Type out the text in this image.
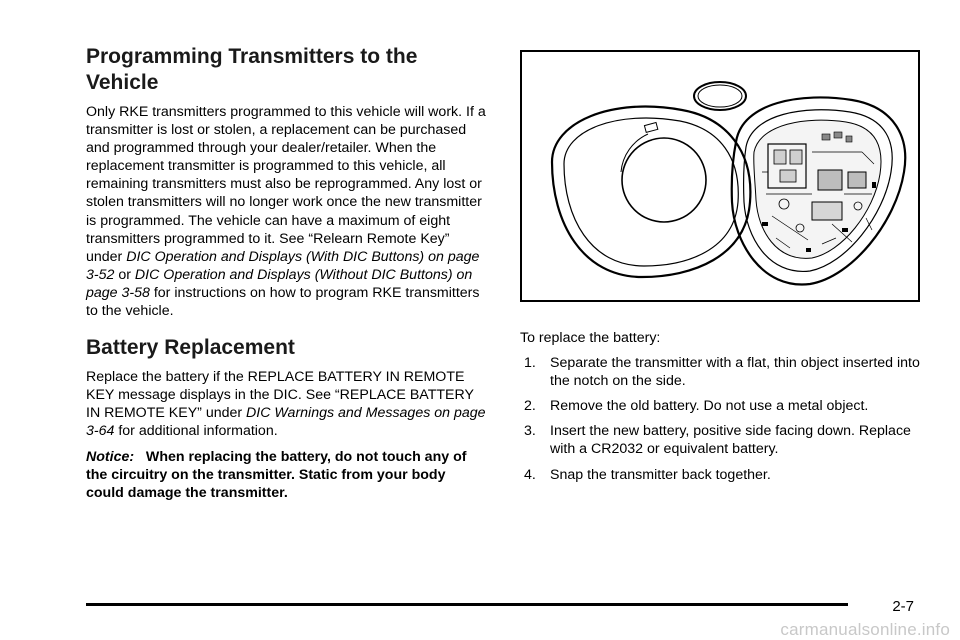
Programming Transmitters to the Vehicle

Only RKE transmitters programmed to this vehicle will work. If a transmitter is lost or stolen, a replacement can be purchased and programmed through your dealer/retailer. When the replacement transmitter is programmed to this vehicle, all remaining transmitters must also be reprogrammed. Any lost or stolen transmitters will no longer work once the new transmitter is programmed. The vehicle can have a maximum of eight transmitters programmed to it. See “Relearn Remote Key” under DIC Operation and Displays (With DIC Buttons) on page 3-52 or DIC Operation and Displays (Without DIC Buttons) on page 3-58 for instructions on how to program RKE transmitters to the vehicle.

Battery Replacement

Replace the battery if the REPLACE BATTERY IN REMOTE KEY message displays in the DIC. See “REPLACE BATTERY IN REMOTE KEY” under DIC Warnings and Messages on page 3-64 for additional information.

Notice: When replacing the battery, do not touch any of the circuitry on the transmitter. Static from your body could damage the transmitter.

To replace the battery:

1. Separate the transmitter with a flat, thin object inserted into the notch on the side.
2. Remove the old battery. Do not use a metal object.
3. Insert the new battery, positive side facing down. Replace with a CR2032 or equivalent battery.
4. Snap the transmitter back together.
2-7
carmanualsonline.info
